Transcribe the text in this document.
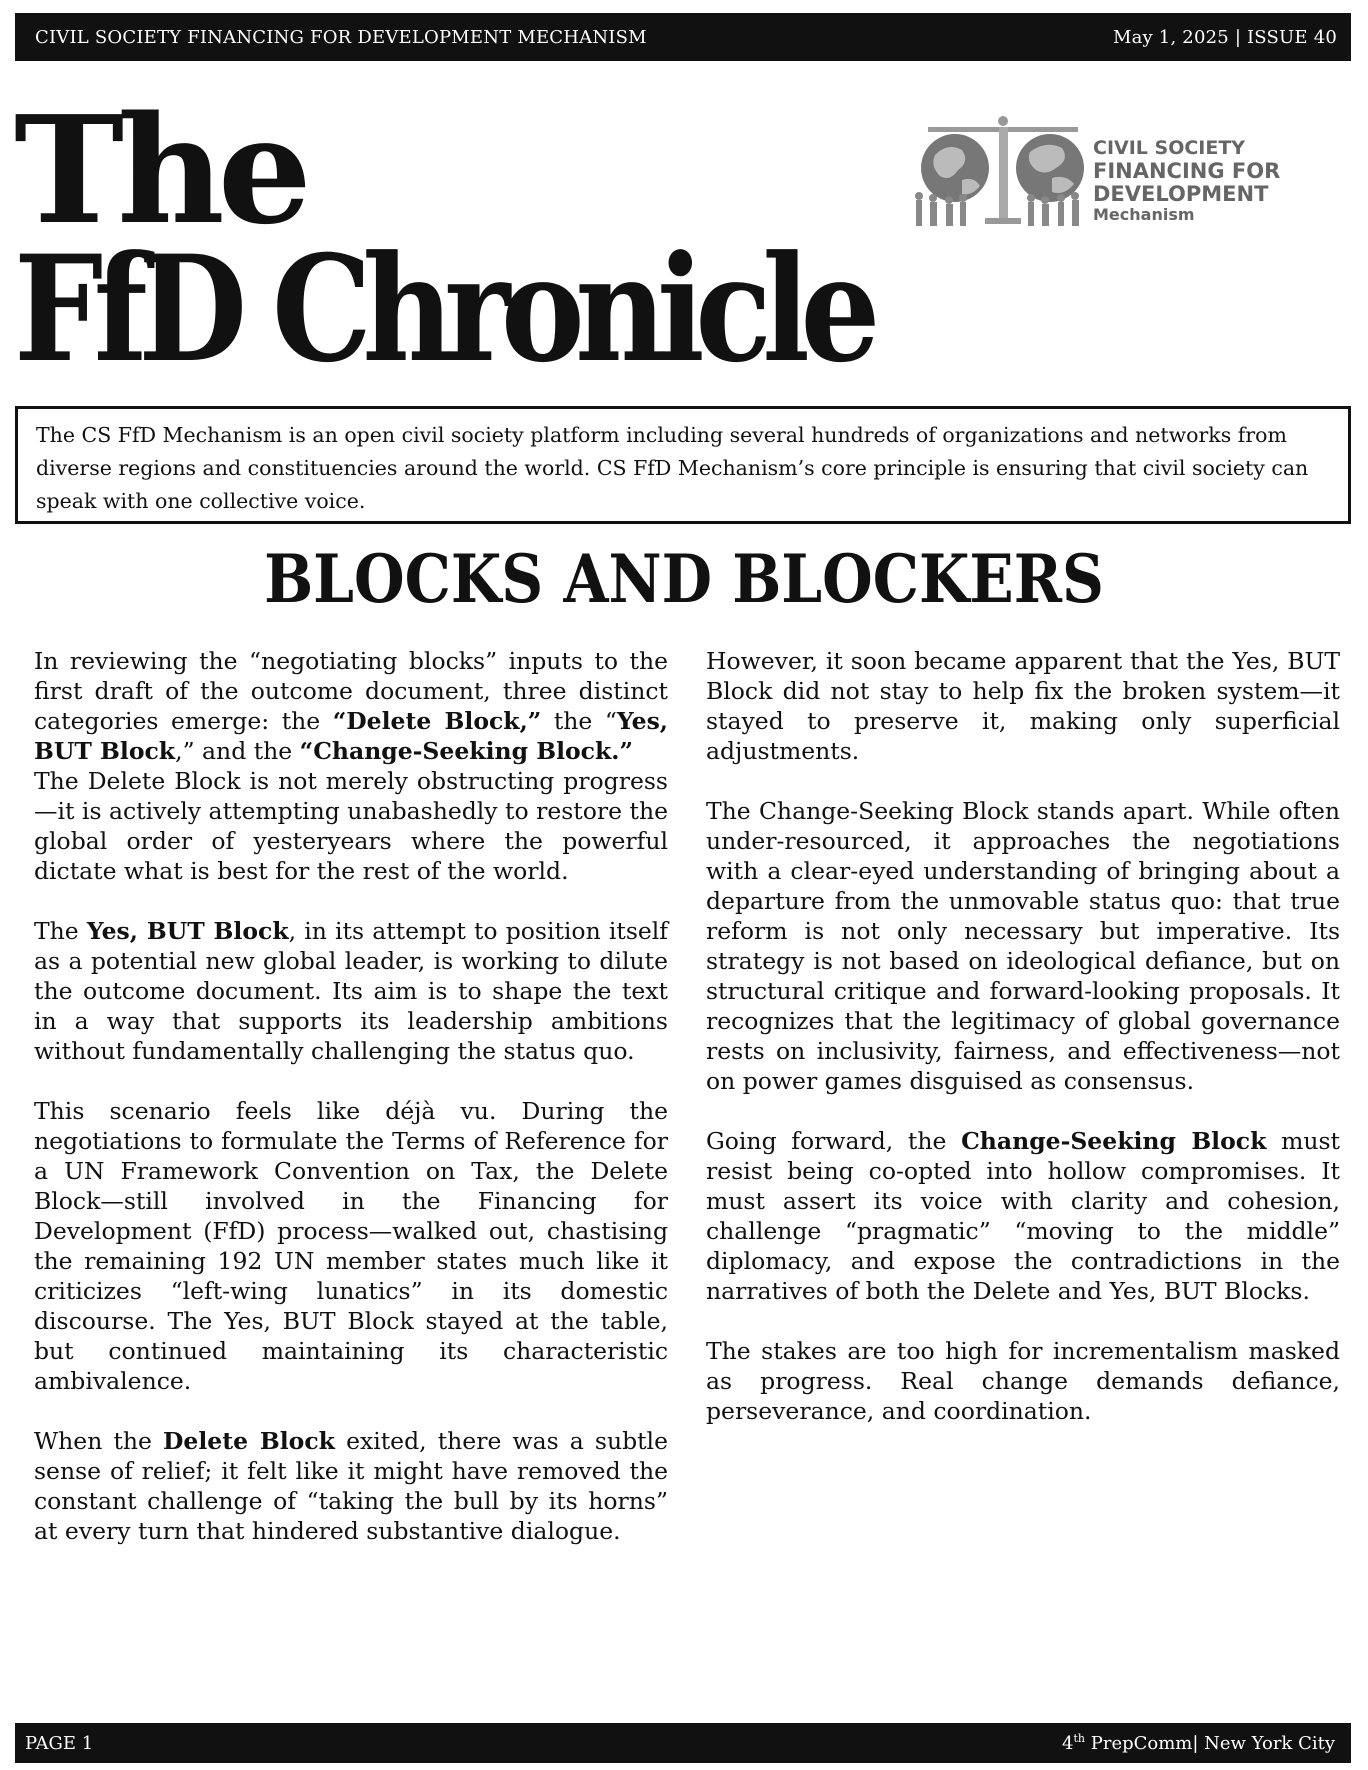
CIVIL SOCIETY FINANCING FOR DEVELOPMENT MECHANISM	May 1, 2025 | ISSUE 40
The
FfD Chronicle
CIVIL SOCIETY
FINANCING FOR
DEVELOPMENT
Mechanism
The CS FfD Mechanism is an open civil society platform including several hundreds of organizations and networks from diverse regions and constituencies around the world. CS FfD Mechanism’s core principle is ensuring that civil society can speak with one collective voice.
BLOCKS AND BLOCKERS

In reviewing the “negotiating blocks” inputs to the first draft of the outcome document, three distinct categories emerge: the “Delete Block,” the “Yes, BUT Block,” and the “Change-Seeking Block.”

The Delete Block is not merely obstructing progress—it is actively attempting unabashedly to restore the global order of yesteryears where the powerful dictate what is best for the rest of the world.

The Yes, BUT Block, in its attempt to position itself as a potential new global leader, is working to dilute the outcome document. Its aim is to shape the text in a way that supports its leadership ambitions without fundamentally challenging the status quo.

This scenario feels like déjà vu. During the negotiations to formulate the Terms of Reference for a UN Framework Convention on Tax, the Delete Block—still involved in the Financing for Development (FfD) process—walked out, chastising the remaining 192 UN member states much like it criticizes “left-wing lunatics” in its domestic discourse. The Yes, BUT Block stayed at the table, but continued maintaining its characteristic ambivalence.

When the Delete Block exited, there was a subtle sense of relief; it felt like it might have removed the constant challenge of “taking the bull by its horns” at every turn that hindered substantive dialogue.

However, it soon became apparent that the Yes, BUT Block did not stay to help fix the broken system—it stayed to preserve it, making only superficial adjustments.

The Change-Seeking Block stands apart. While often under-resourced, it approaches the negotiations with a clear-eyed understanding of bringing about a departure from the unmovable status quo: that true reform is not only necessary but imperative. Its strategy is not based on ideological defiance, but on structural critique and forward-looking proposals. It recognizes that the legitimacy of global governance rests on inclusivity, fairness, and effectiveness—not on power games disguised as consensus.

Going forward, the Change-Seeking Block must resist being co-opted into hollow compromises. It must assert its voice with clarity and cohesion, challenge “pragmatic” “moving to the middle” diplomacy, and expose the contradictions in the narratives of both the Delete and Yes, BUT Blocks.

The stakes are too high for incrementalism masked as progress. Real change demands defiance, perseverance, and coordination.

PAGE 1	4th PrepComm| New York City
